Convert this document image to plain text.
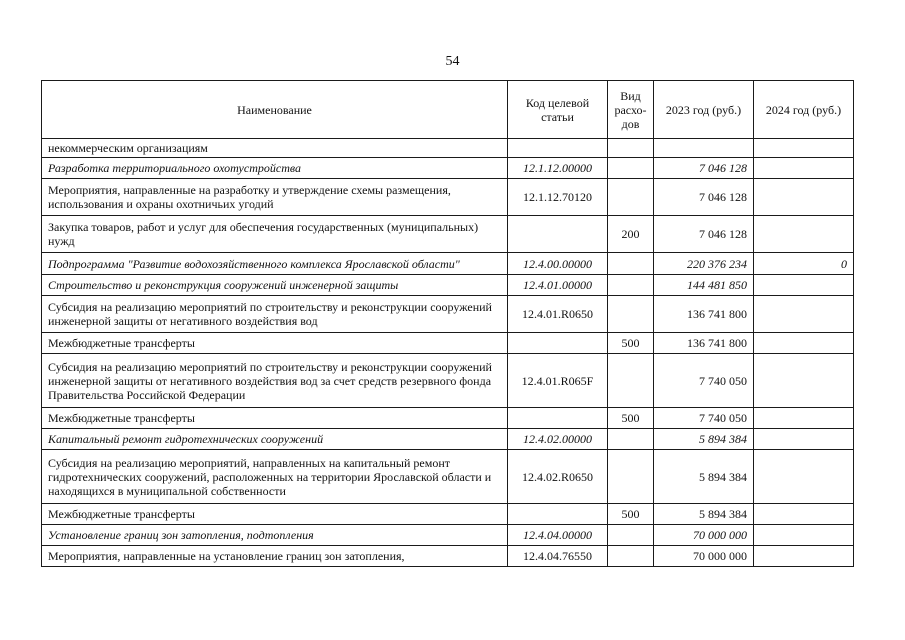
54
Наименование	Код целевой статьи	Вид расхо-дов	2023 год (руб.)	2024 год (руб.)
некоммерческим организациям				
Разработка территориального охотустройства	12.1.12.00000		7 046 128	
Мероприятия, направленные на разработку и утверждение схемы размещения, использования и охраны охотничьих угодий	12.1.12.70120		7 046 128	
Закупка товаров, работ и услуг для обеспечения государственных (муниципальных) нужд		200	7 046 128	
Подпрограмма "Развитие водохозяйственного комплекса Ярославской области"	12.4.00.00000		220 376 234	0
Строительство и реконструкция сооружений инженерной защиты	12.4.01.00000		144 481 850	
Субсидия на реализацию мероприятий по строительству и реконструкции сооружений инженерной защиты от негативного воздействия вод	12.4.01.R0650		136 741 800	
Межбюджетные трансферты		500	136 741 800	
Субсидия на реализацию мероприятий по строительству и реконструкции сооружений инженерной защиты от негативного воздействия вод за счет средств резервного фонда Правительства Российской Федерации	12.4.01.R065F		7 740 050	
Межбюджетные трансферты		500	7 740 050	
Капитальный ремонт гидротехнических сооружений	12.4.02.00000		5 894 384	
Субсидия на реализацию мероприятий, направленных на капитальный ремонт гидротехнических сооружений, расположенных на территории Ярославской области и находящихся в муниципальной собственности	12.4.02.R0650		5 894 384	
Межбюджетные трансферты		500	5 894 384	
Установление границ зон затопления, подтопления	12.4.04.00000		70 000 000	
Мероприятия, направленные на установление границ зон затопления,	12.4.04.76550		70 000 000	
